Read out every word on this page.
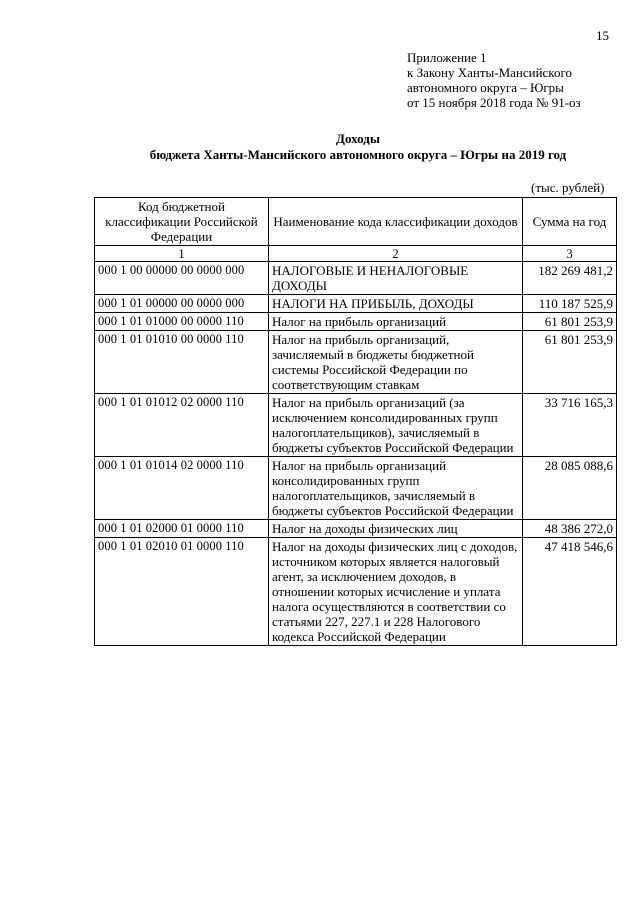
15
Приложение 1
к Закону Ханты-Мансийского
автономного округа – Югры
от 15 ноября 2018 года № 91-оз
Доходы
бюджета Ханты-Мансийского автономного округа – Югры на 2019 год
(тыс. рублей)
Код бюджетной классификации Российской Федерации	Наименование кода классификации доходов	Сумма на год
1	2	3
000 1 00 00000 00 0000 000	НАЛОГОВЫЕ И НЕНАЛОГОВЫЕ ДОХОДЫ	182 269 481,2
000 1 01 00000 00 0000 000	НАЛОГИ НА ПРИБЫЛЬ, ДОХОДЫ	110 187 525,9
000 1 01 01000 00 0000 110	Налог на прибыль организаций	61 801 253,9
000 1 01 01010 00 0000 110	Налог на прибыль организаций, зачисляемый в бюджеты бюджетной системы Российской Федерации по соответствующим ставкам	61 801 253,9
000 1 01 01012 02 0000 110	Налог на прибыль организаций (за исключением консолидированных групп налогоплательщиков), зачисляемый в бюджеты субъектов Российской Федерации	33 716 165,3
000 1 01 01014 02 0000 110	Налог на прибыль организаций консолидированных групп налогоплательщиков, зачисляемый в бюджеты субъектов Российской Федерации	28 085 088,6
000 1 01 02000 01 0000 110	Налог на доходы физических лиц	48 386 272,0
000 1 01 02010 01 0000 110	Налог на доходы физических лиц с доходов, источником которых является налоговый агент, за исключением доходов, в отношении которых исчисление и уплата налога осуществляются в соответствии со статьями 227, 227.1 и 228 Налогового кодекса Российской Федерации	47 418 546,6
